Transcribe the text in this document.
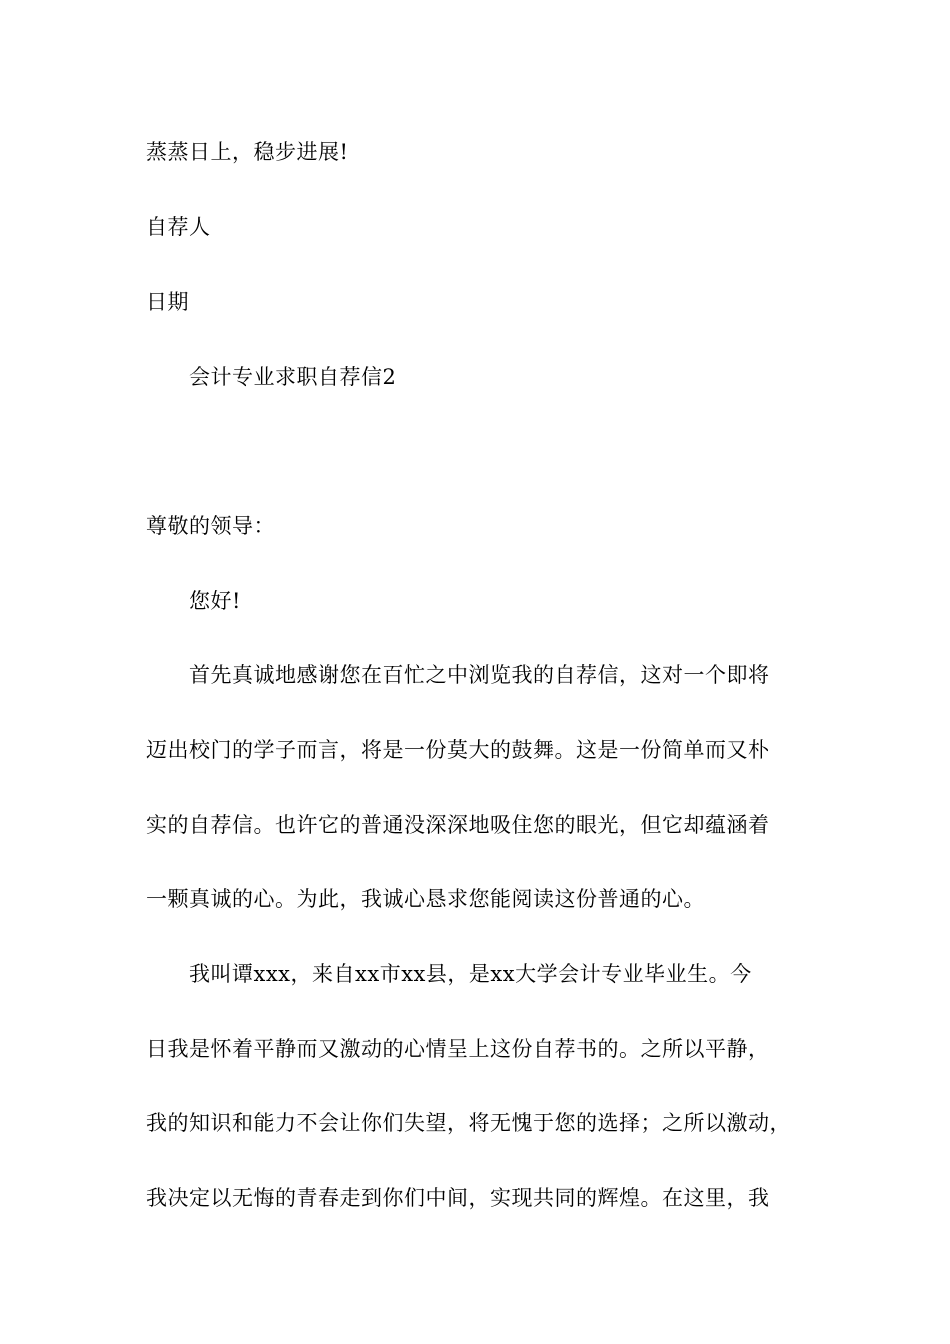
蒸蒸日上，稳步进展!
自荐人
日期
会计专业求职自荐信2
尊敬的领导：
您好!
首先真诚地感谢您在百忙之中浏览我的自荐信，这对一个即将
迈出校门的学子而言，将是一份莫大的鼓舞。这是一份简单而又朴
实的自荐信。也许它的普通没深深地吸住您的眼光，但它却蕴涵着
一颗真诚的心。为此，我诚心恳求您能阅读这份普通的心。
我叫谭xxx，来自xx市xx县，是xx大学会计专业毕业生。今
日我是怀着平静而又激动的心情呈上这份自荐书的。之所以平静，
我的知识和能力不会让你们失望，将无愧于您的选择；之所以激动，
我决定以无悔的青春走到你们中间，实现共同的辉煌。在这里，我
